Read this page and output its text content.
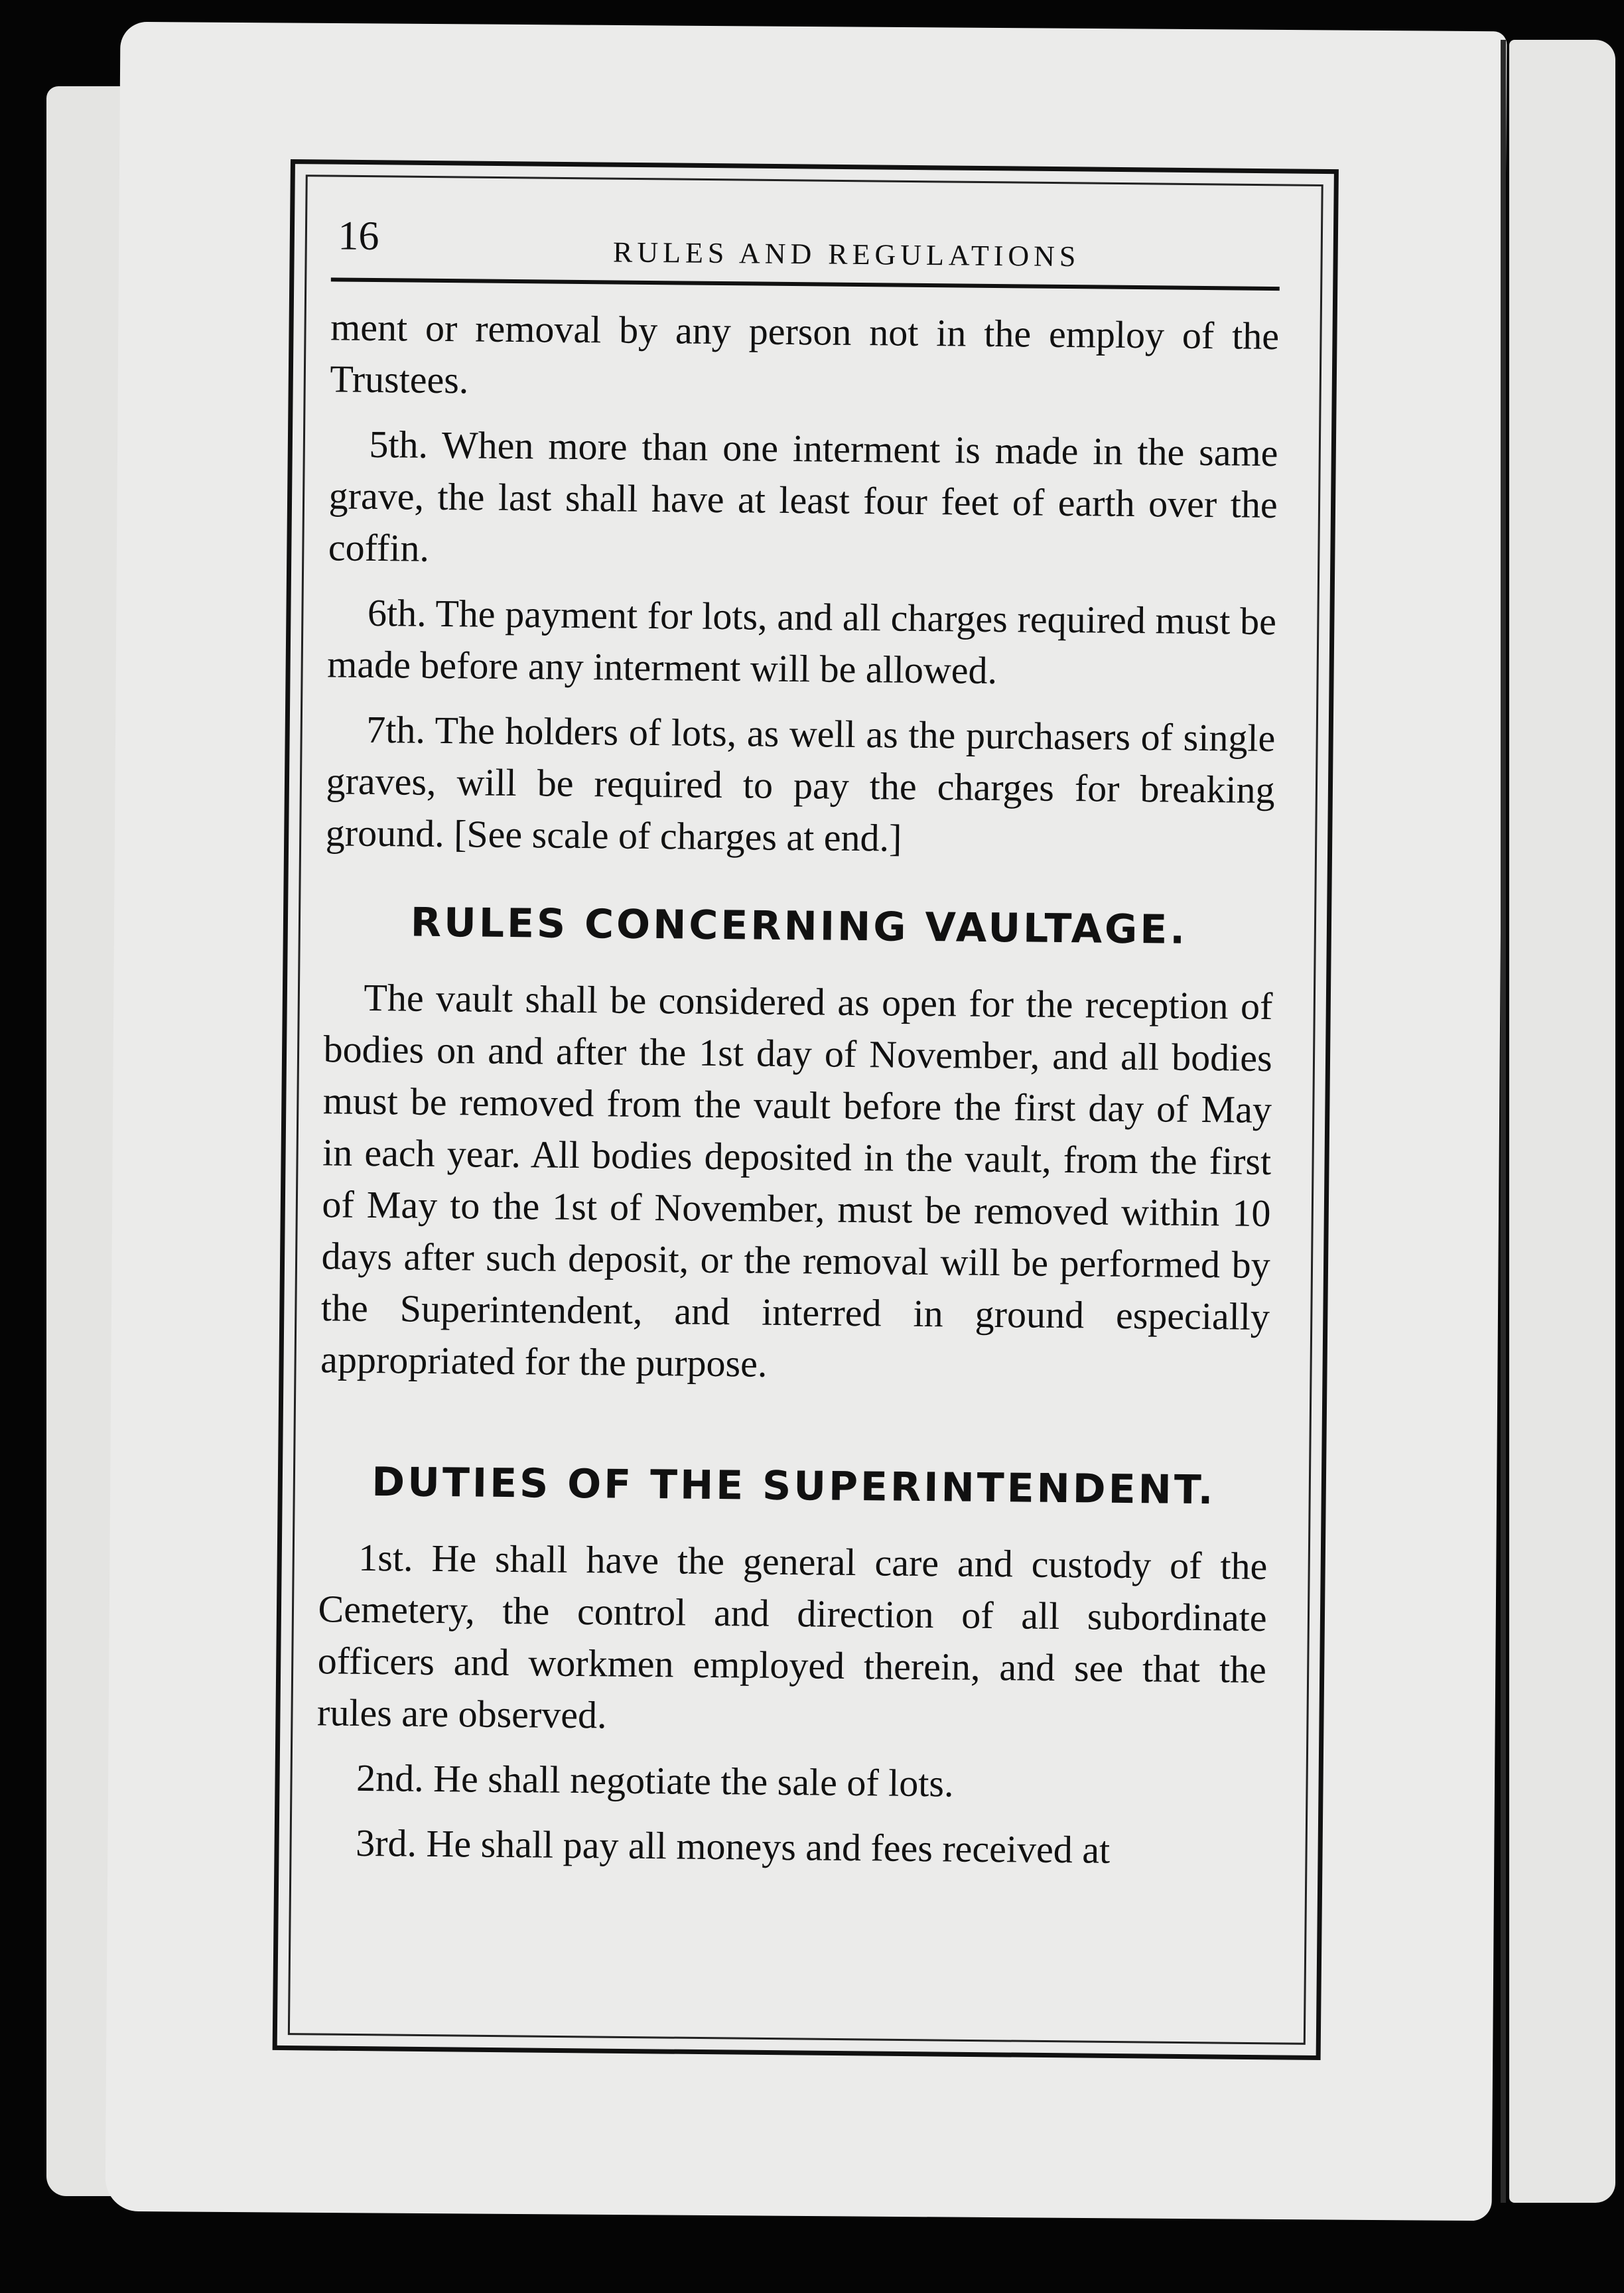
16	RULES AND REGULATIONS

ment or removal by any person not in the employ of the Trustees.

5th. When more than one interment is made in the same grave, the last shall have at least four feet of earth over the coffin.

6th. The payment for lots, and all charges required must be made before any interment will be allowed.

7th. The holders of lots, as well as the purchasers of single graves, will be required to pay the charges for breaking ground. [See scale of charges at end.]

RULES CONCERNING VAULTAGE.

The vault shall be considered as open for the reception of bodies on and after the 1st day of November, and all bodies must be removed from the vault before the first day of May in each year. All bodies deposited in the vault, from the first of May to the 1st of November, must be removed within 10 days after such deposit, or the removal will be performed by the Superintendent, and interred in ground especially appropriated for the purpose.

DUTIES OF THE SUPERINTENDENT.

1st. He shall have the general care and custody of the Cemetery, the control and direction of all subordinate officers and workmen employed therein, and see that the rules are observed.

2nd. He shall negotiate the sale of lots.

3rd. He shall pay all moneys and fees received at
